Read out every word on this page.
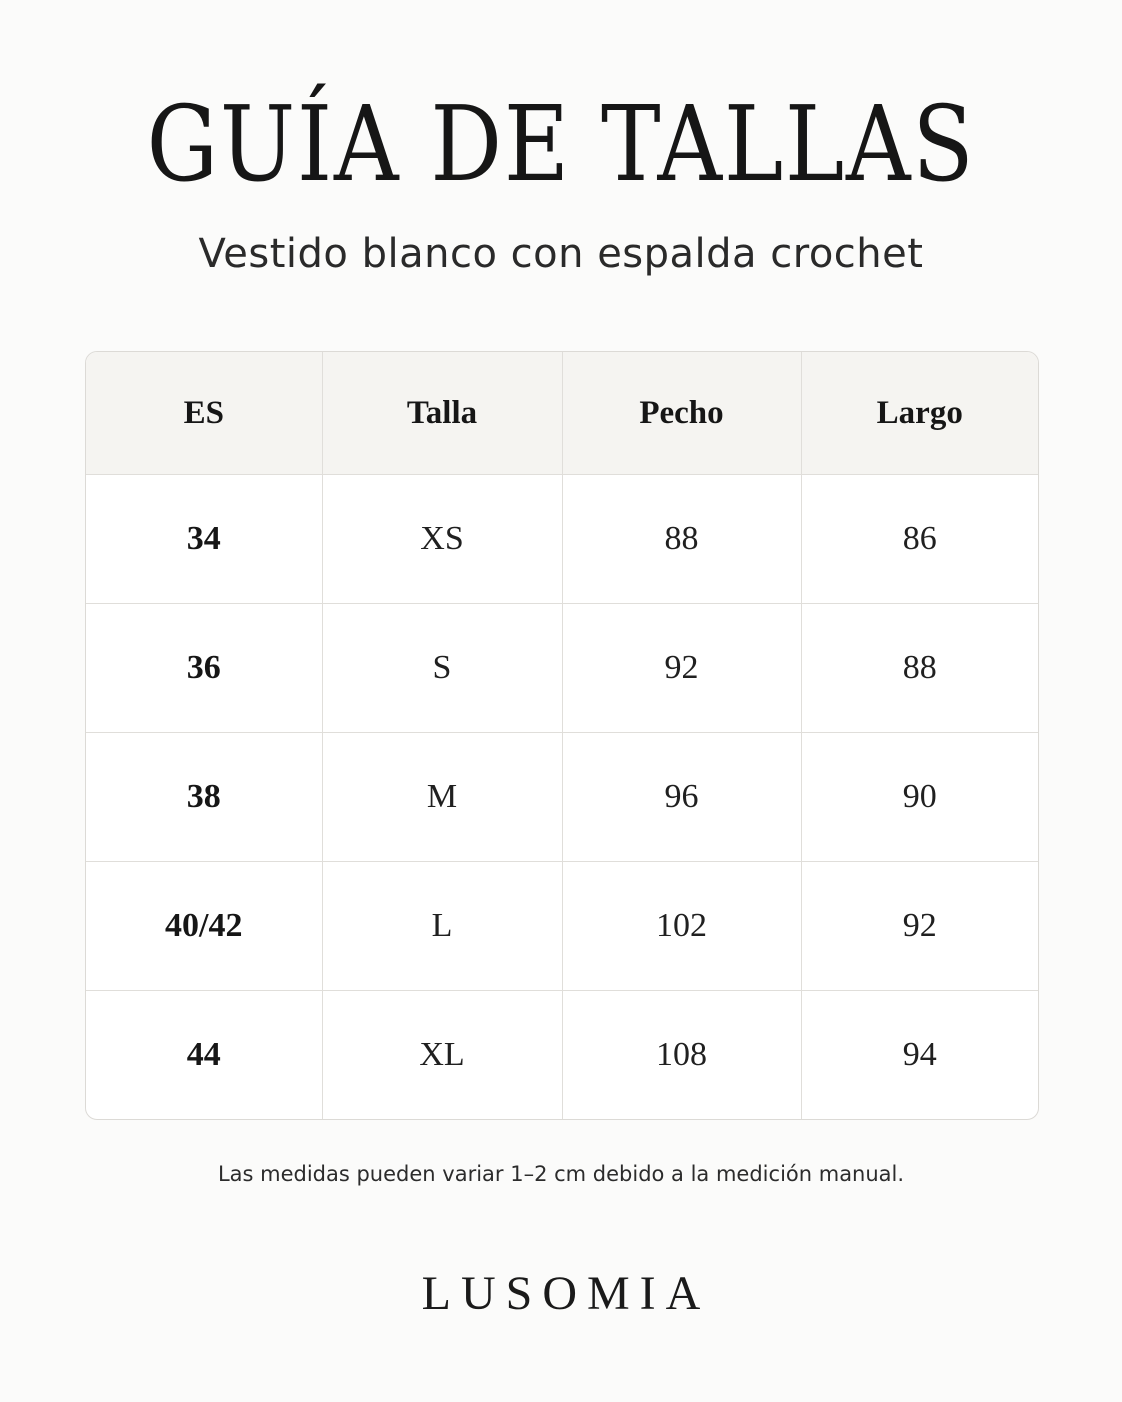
GUÍA DE TALLAS

Vestido blanco con espalda crochet

ES	Talla	Pecho	Largo
34	XS	88	86
36	S	92	88
38	M	96	90
40/42	L	102	92
44	XL	108	94

Las medidas pueden variar 1–2 cm debido a la medición manual.

LUSOMIA
